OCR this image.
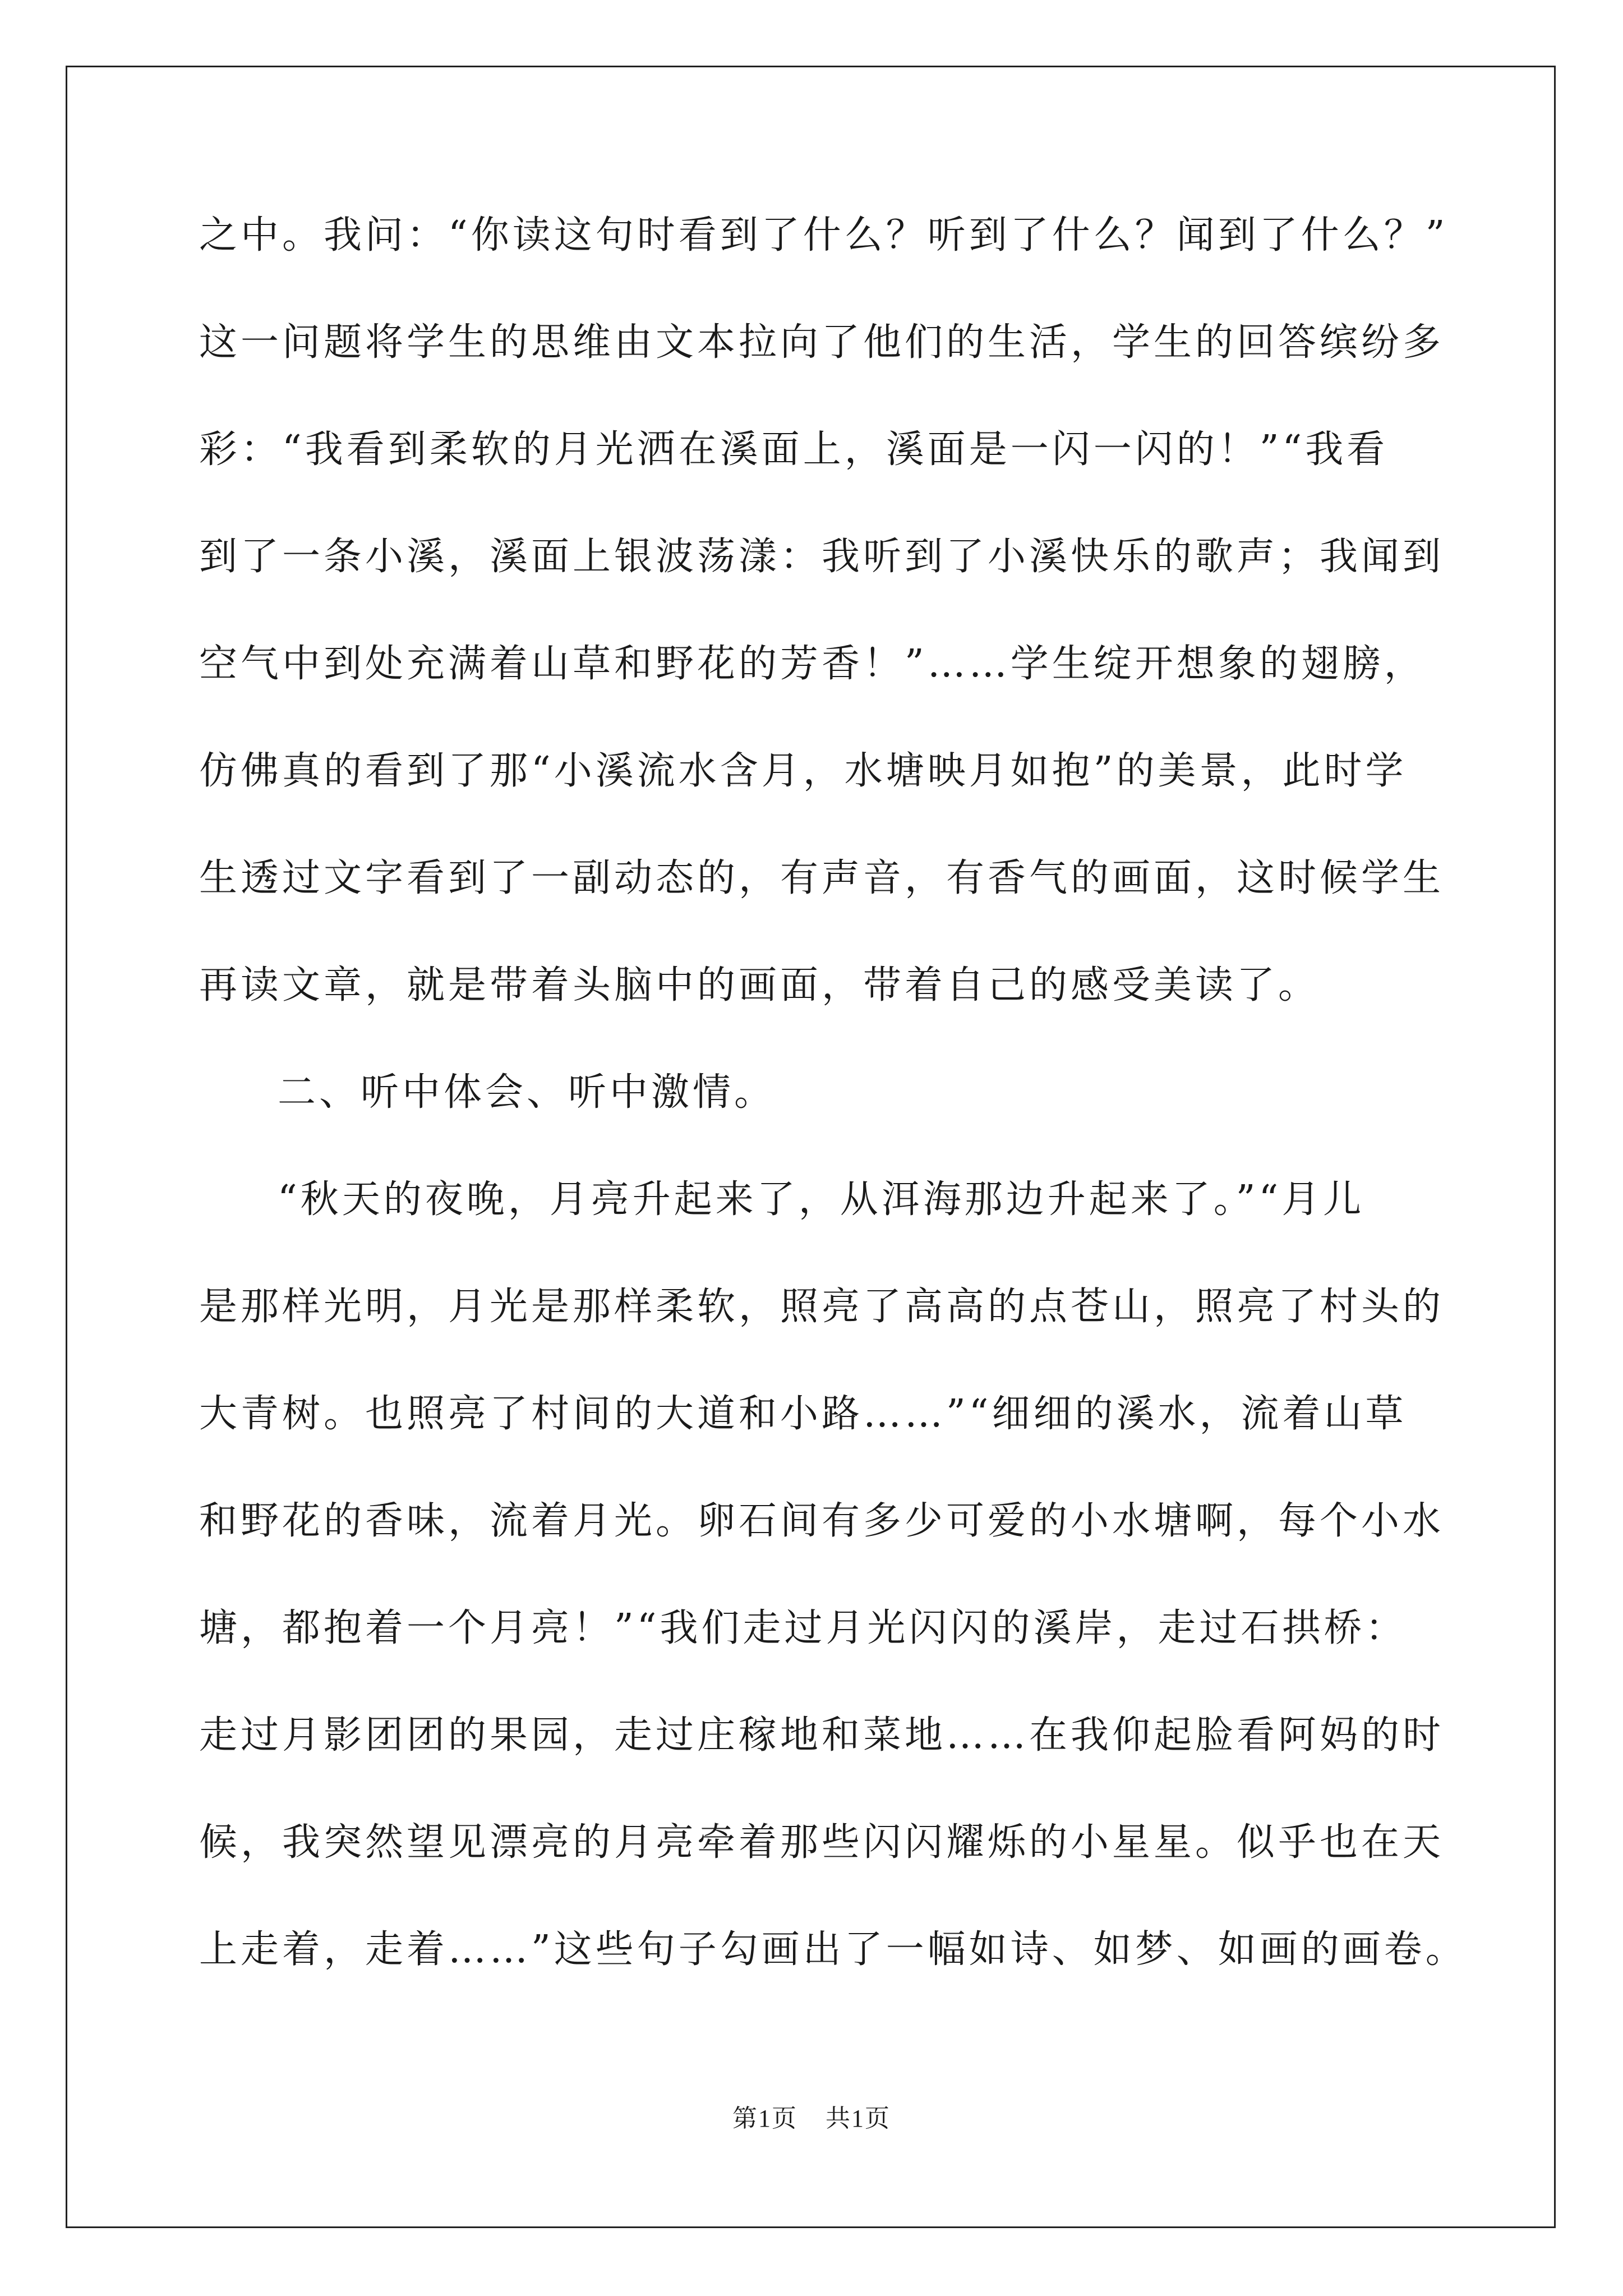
之中。我问：“你读这句时看到了什么？听到了什么？闻到了什么？”
这一问题将学生的思维由文本拉向了他们的生活，学生的回答缤纷多
彩：“我看到柔软的月光洒在溪面上，溪面是一闪一闪的！”“我看
到了一条小溪，溪面上银波荡漾：我听到了小溪快乐的歌声；我闻到
空气中到处充满着山草和野花的芳香！”……学生绽开想象的翅膀，
仿佛真的看到了那“小溪流水含月，水塘映月如抱”的美景，此时学
生透过文字看到了一副动态的，有声音，有香气的画面，这时候学生
再读文章，就是带着头脑中的画面，带着自己的感受美读了。
二、听中体会、听中激情。
“秋天的夜晚，月亮升起来了，从洱海那边升起来了。”“月儿
是那样光明，月光是那样柔软，照亮了高高的点苍山，照亮了村头的
大青树。也照亮了村间的大道和小路……”“细细的溪水，流着山草
和野花的香味，流着月光。卵石间有多少可爱的小水塘啊，每个小水
塘，都抱着一个月亮！”“我们走过月光闪闪的溪岸，走过石拱桥：
走过月影团团的果园，走过庄稼地和菜地……在我仰起脸看阿妈的时
候，我突然望见漂亮的月亮牵着那些闪闪耀烁的小星星。似乎也在天
上走着，走着……”这些句子勾画出了一幅如诗、如梦、如画的画卷。
第1页 共1页
